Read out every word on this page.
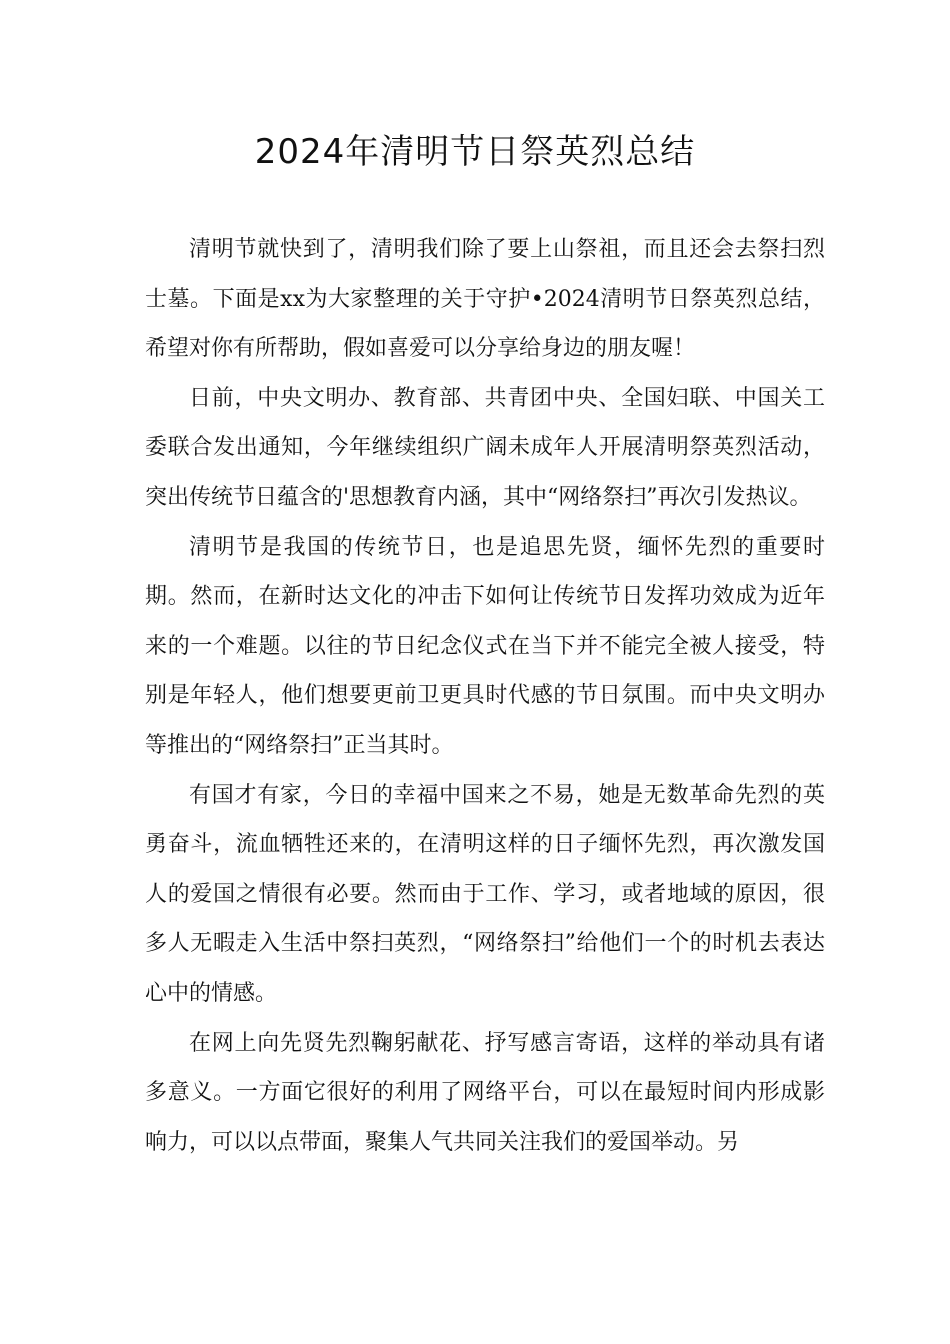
2024年清明节日祭英烈总结

清明节就快到了，清明我们除了要上山祭祖，而且还会去祭扫烈士墓。下面是xx为大家整理的关于守护•2024清明节日祭英烈总结，希望对你有所帮助，假如喜爱可以分享给身边的朋友喔！

日前，中央文明办、教育部、共青团中央、全国妇联、中国关工委联合发出通知，今年继续组织广阔未成年人开展清明祭英烈活动，突出传统节日蕴含的'思想教育内涵，其中“网络祭扫”再次引发热议。

清明节是我国的传统节日，也是追思先贤，缅怀先烈的重要时期。然而，在新时达文化的冲击下如何让传统节日发挥功效成为近年来的一个难题。以往的节日纪念仪式在当下并不能完全被人接受，特别是年轻人，他们想要更前卫更具时代感的节日氛围。而中央文明办等推出的“网络祭扫”正当其时。

有国才有家，今日的幸福中国来之不易，她是无数革命先烈的英勇奋斗，流血牺牲还来的，在清明这样的日子缅怀先烈，再次激发国人的爱国之情很有必要。然而由于工作、学习，或者地域的原因，很多人无暇走入生活中祭扫英烈，“网络祭扫”给他们一个的时机去表达心中的情感。

在网上向先贤先烈鞠躬献花、抒写感言寄语，这样的举动具有诸多意义。一方面它很好的利用了网络平台，可以在最短时间内形成影响力，可以以点带面，聚集人气共同关注我们的爱国举动。另
